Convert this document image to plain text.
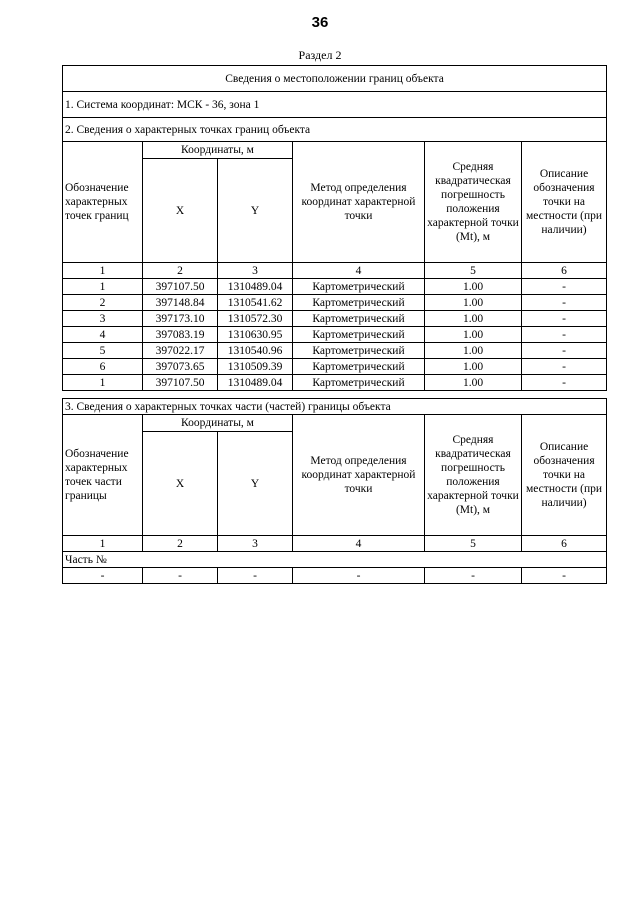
36
Раздел 2
Сведения о местоположении границ объекта					
1. Система координат: МСК - 36, зона 1					
2. Сведения о характерных точках границ объекта					
Обозначение характерных точек границ	Координаты, м		Метод определения координат характерной точки	Средняя квадратическая погрешность положения характерной точки (Mt), м	Описание обозначения точки на местности (при наличии)
	X	Y			
1	2	3	4	5	6
1	397107.50	1310489.04	Картометрический	1.00	-
2	397148.84	1310541.62	Картометрический	1.00	-
3	397173.10	1310572.30	Картометрический	1.00	-
4	397083.19	1310630.95	Картометрический	1.00	-
5	397022.17	1310540.96	Картометрический	1.00	-
6	397073.65	1310509.39	Картометрический	1.00	-
1	397107.50	1310489.04	Картометрический	1.00	-
3. Сведения о характерных точках части (частей) границы объекта					
Обозначение характерных точек части границы	Координаты, м		Метод определения координат характерной точки	Средняя квадратическая погрешность положения характерной точки (Mt), м	Описание обозначения точки на местности (при наличии)
	X	Y			
1	2	3	4	5	6
Часть №					
-	-	-	-	-	-
